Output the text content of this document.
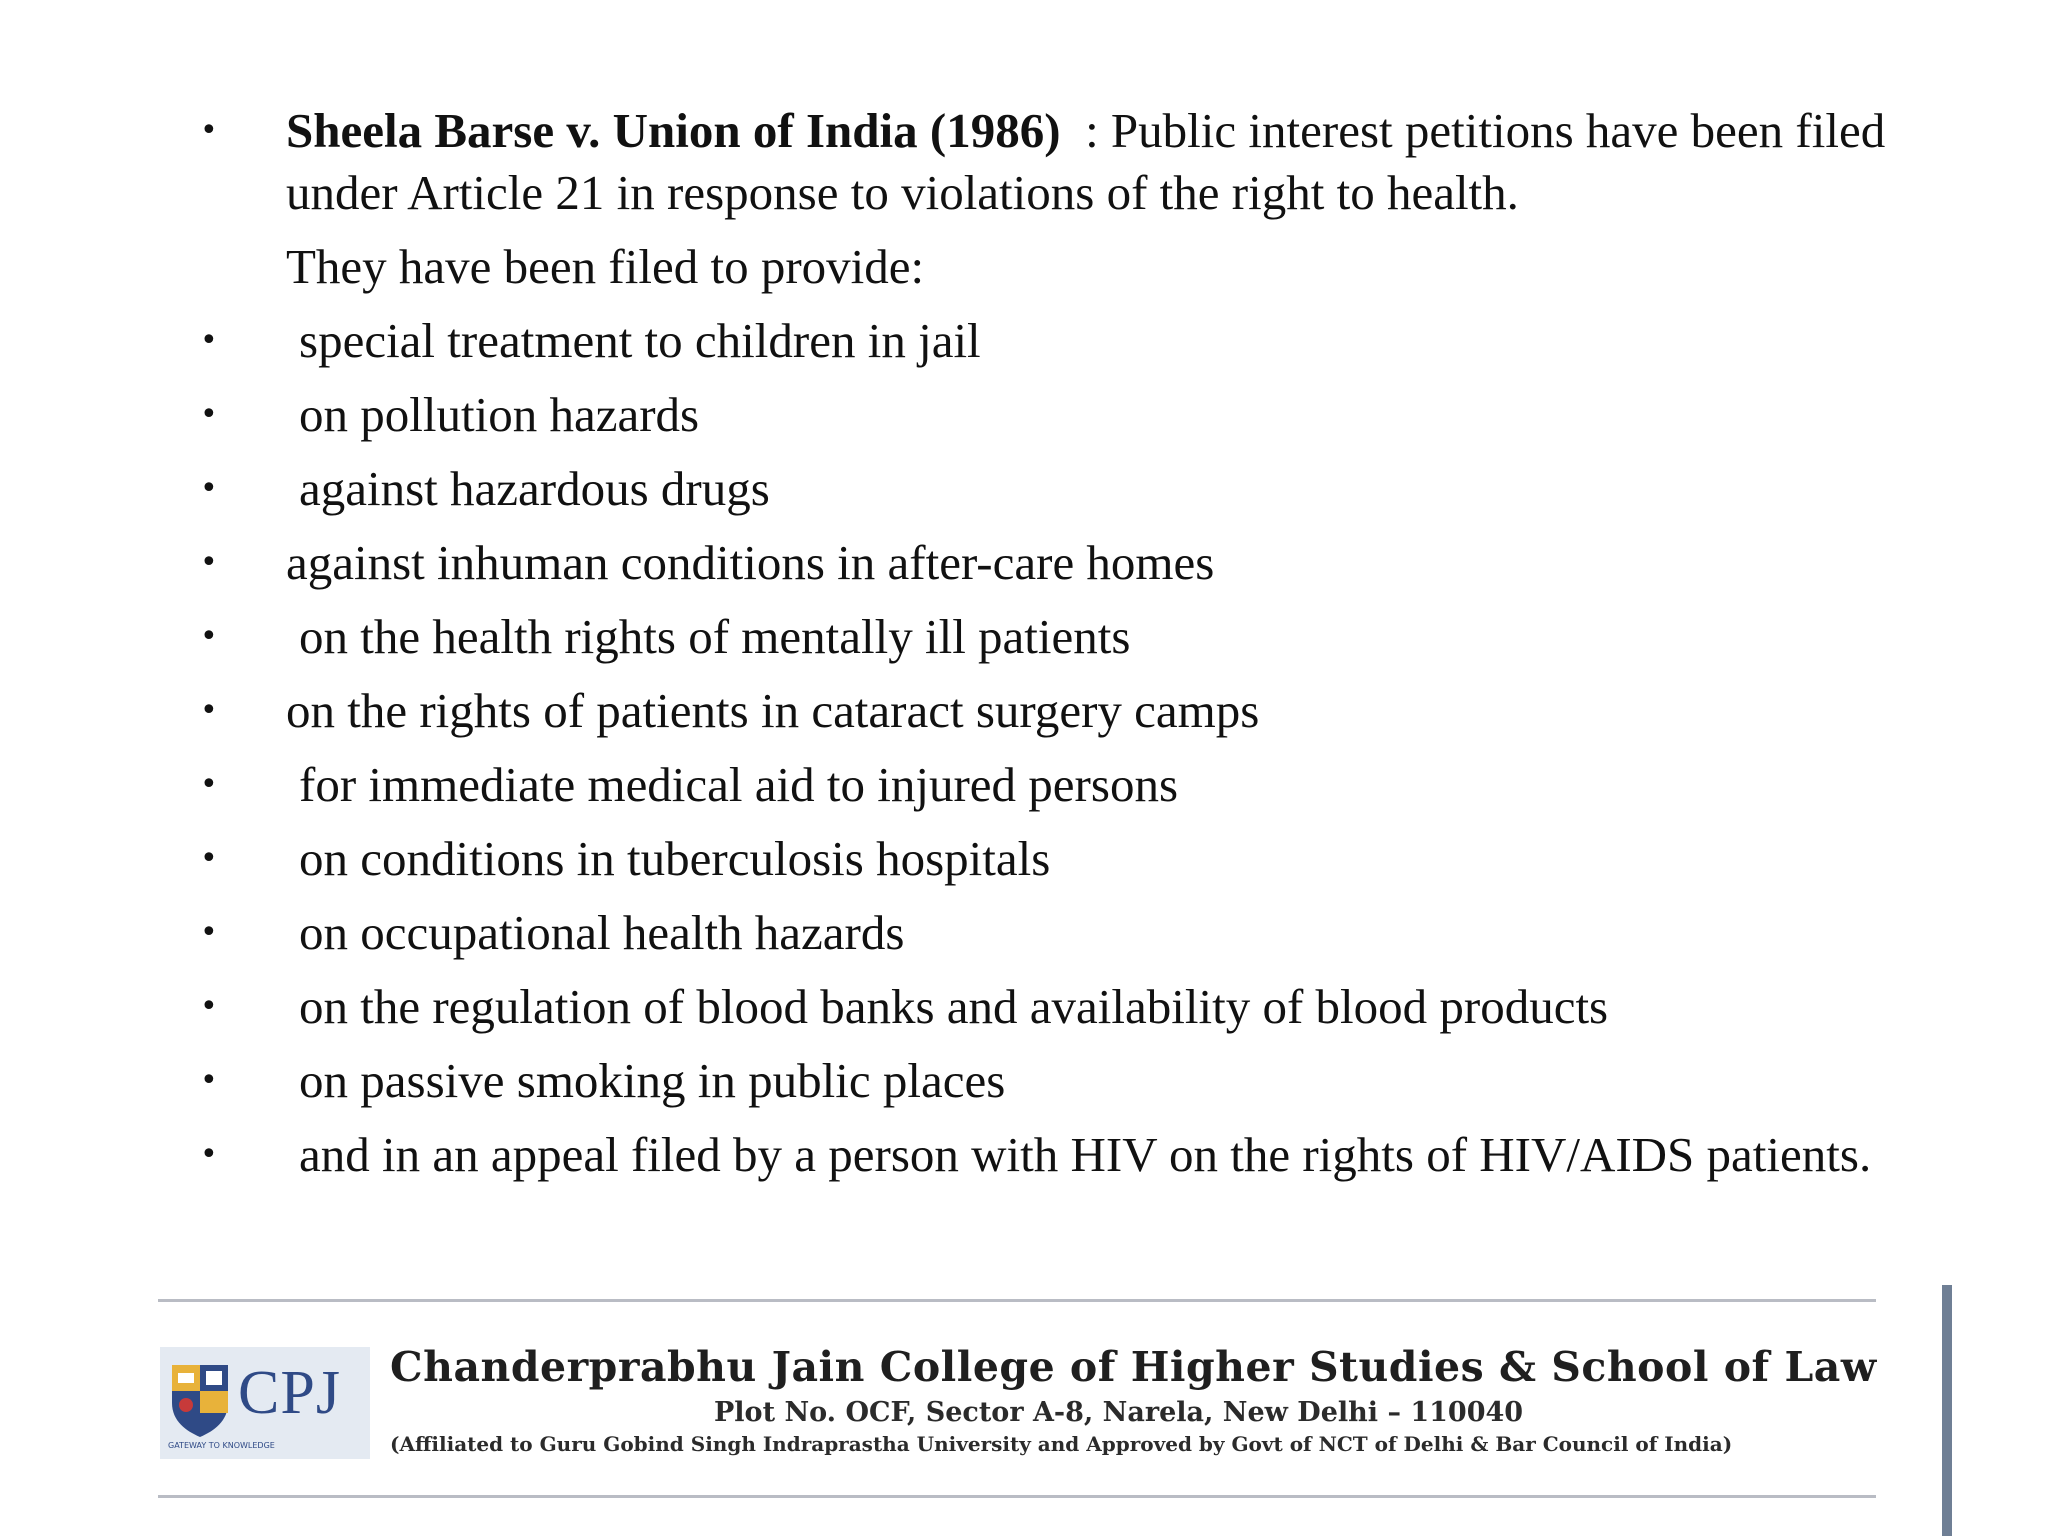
• Sheela Barse v. Union of India (1986) : Public interest petitions have been filed under Article 21 in response to violations of the right to health.
They have been filed to provide:
• special treatment to children in jail
• on pollution hazards
• against hazardous drugs
• against inhuman conditions in after-care homes
• on the health rights of mentally ill patients
• on the rights of patients in cataract surgery camps
• for immediate medical aid to injured persons
• on conditions in tuberculosis hospitals
• on occupational health hazards
• on the regulation of blood banks and availability of blood products
• on passive smoking in public places
• and in an appeal filed by a person with HIV on the rights of HIV/AIDS patients.
CPJ
GATEWAY TO KNOWLEDGE
Chanderprabhu Jain College of Higher Studies & School of Law
Plot No. OCF, Sector A-8, Narela, New Delhi – 110040
(Affiliated to Guru Gobind Singh Indraprastha University and Approved by Govt of NCT of Delhi & Bar Council of India)
